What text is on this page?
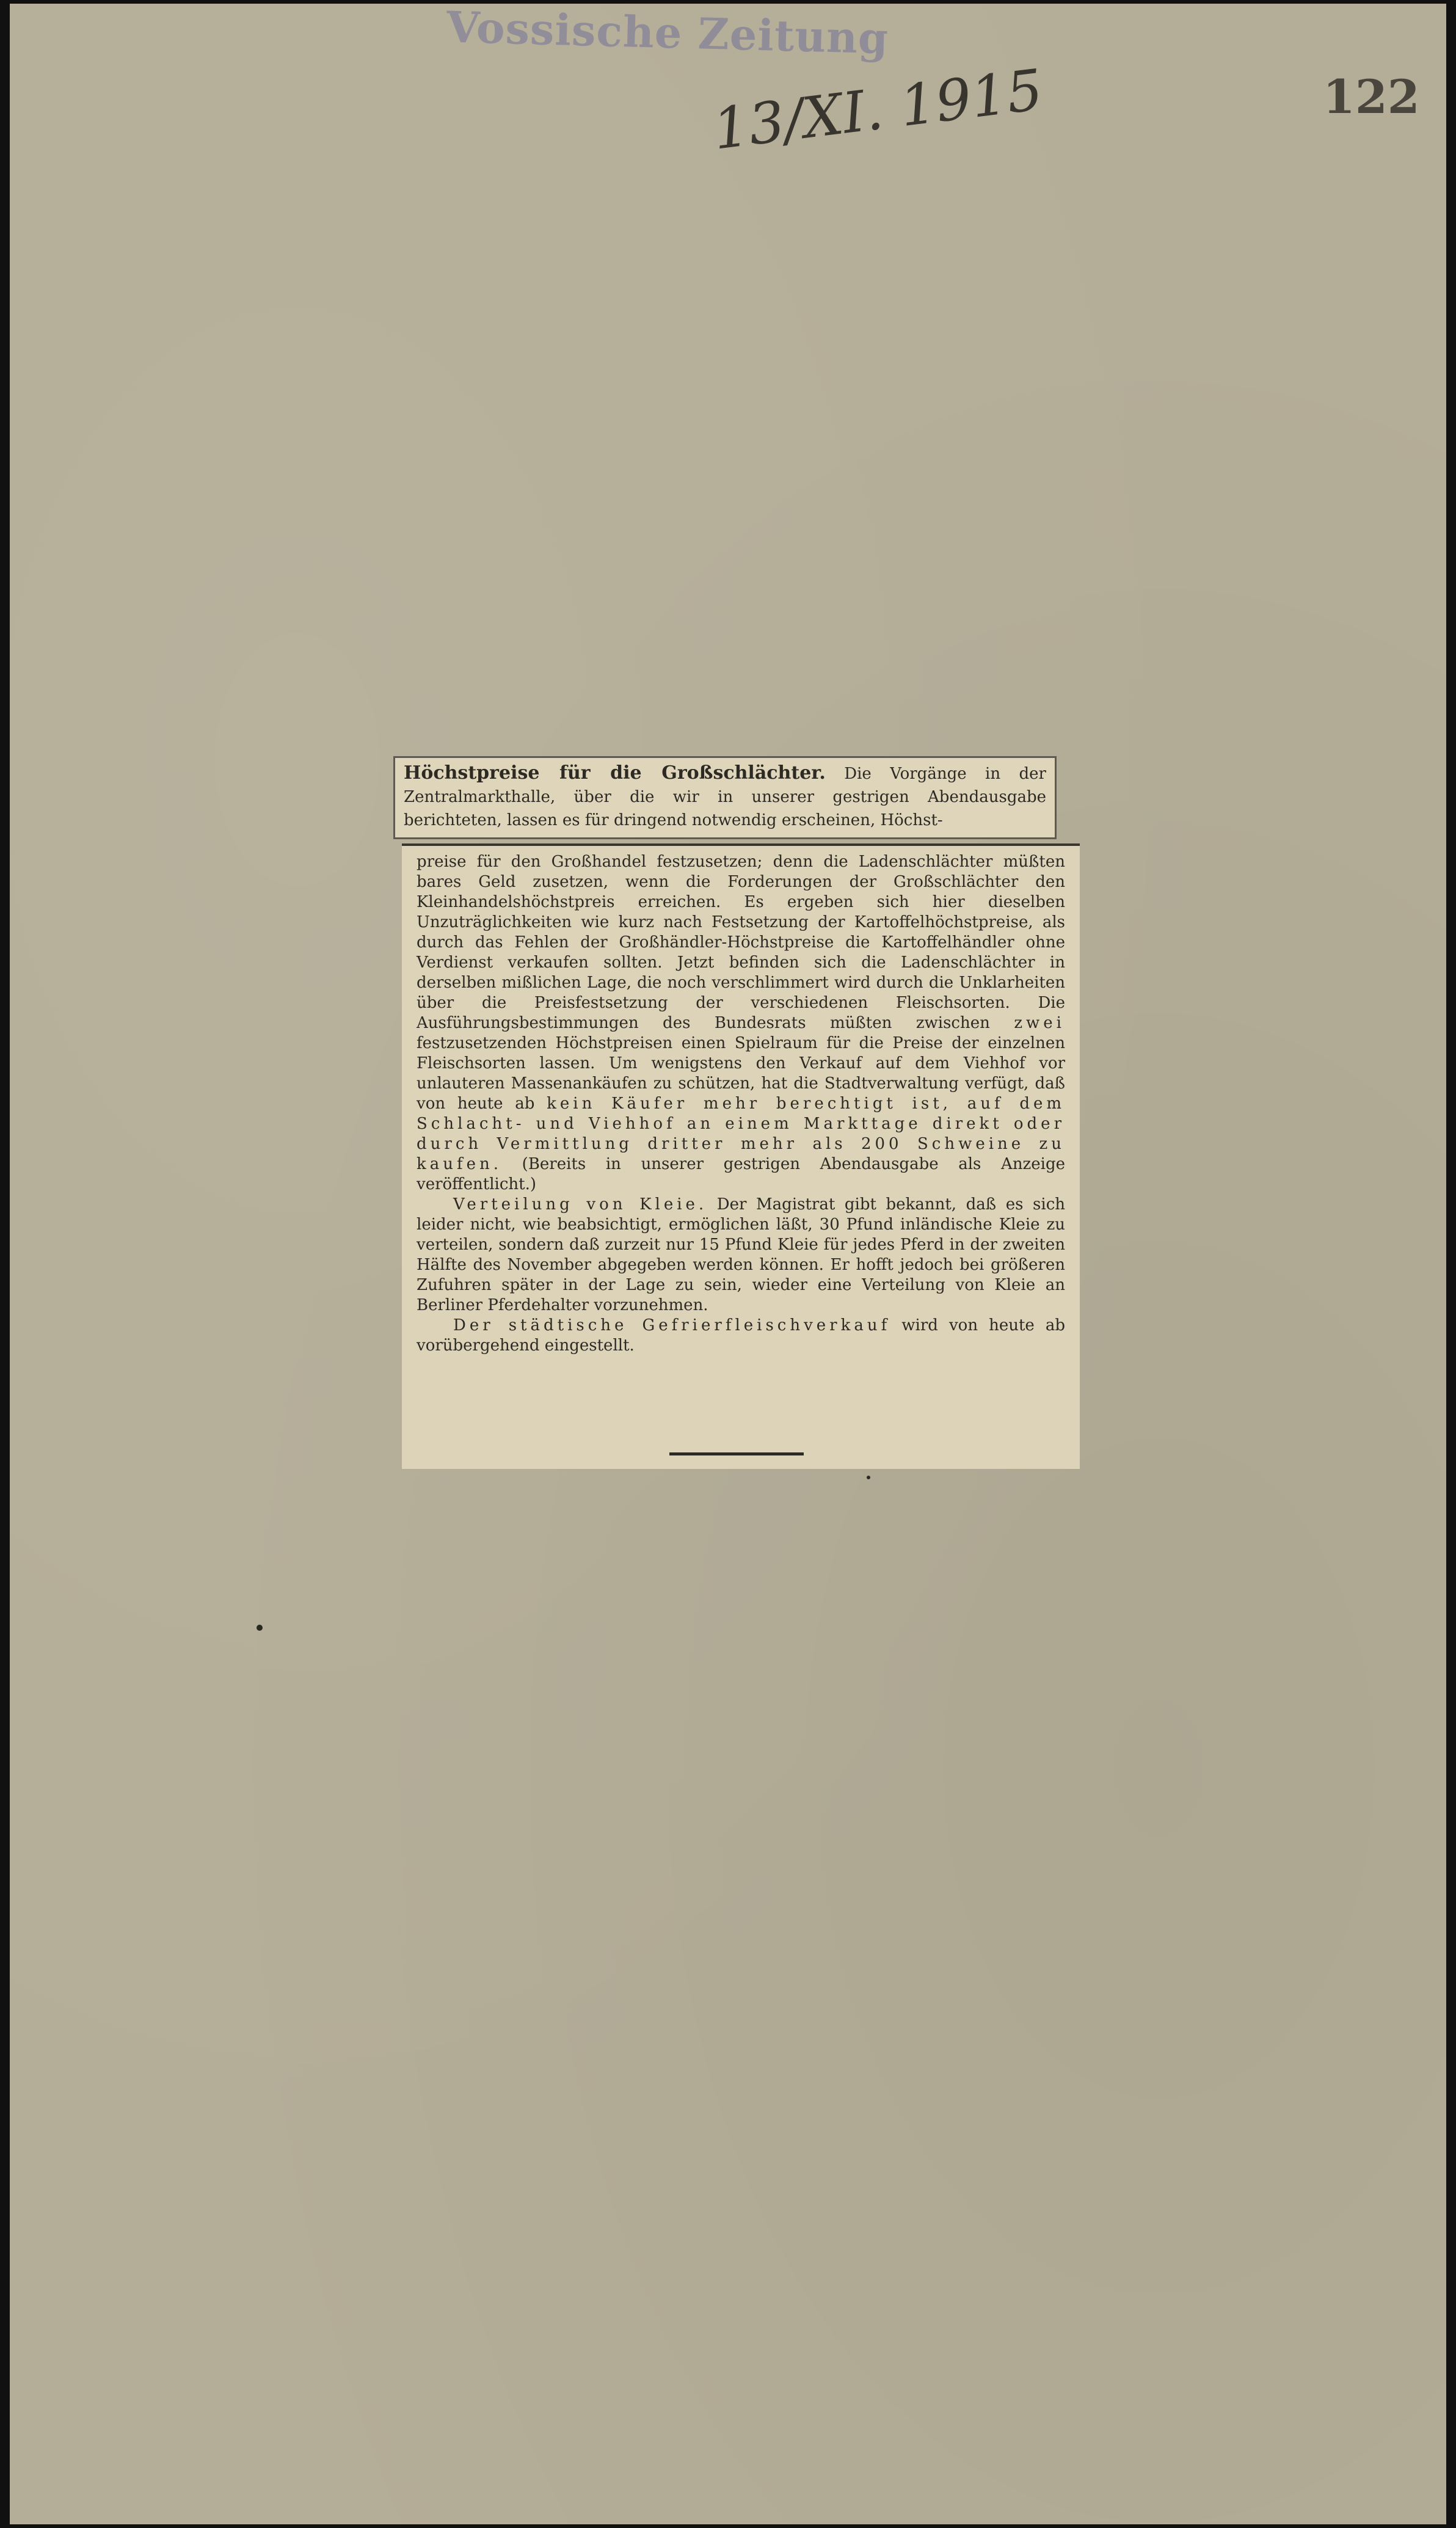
Vossische Zeitung
13/XI. 1915	122
Höchstpreise für die Großschlächter. Die Vorgänge in der Zentralmarkthalle, über die wir in unserer gestrigen Abendausgabe berichteten, lassen es für dringend notwendig erscheinen, Höchst-

preise für den Großhandel festzusetzen; denn die Ladenschlächter müßten bares Geld zusetzen, wenn die Forderungen der Großschlächter den Kleinhandelshöchstpreis erreichen. Es ergeben sich hier dieselben Unzuträglichkeiten wie kurz nach Festsetzung der Kartoffelhöchstpreise, als durch das Fehlen der Großhändler-Höchstpreise die Kartoffelhändler ohne Verdienst verkaufen sollten. Jetzt befinden sich die Ladenschlächter in derselben mißlichen Lage, die noch verschlimmert wird durch die Unklarheiten über die Preisfestsetzung der verschiedenen Fleischsorten. Die Ausführungsbestimmungen des Bundesrats müßten zwischen zwei festzusetzenden Höchstpreisen einen Spielraum für die Preise der einzelnen Fleischsorten lassen. Um wenigstens den Verkauf auf dem Viehhof vor unlauteren Massenankäufen zu schützen, hat die Stadtverwaltung verfügt, daß von heute ab kein Käufer mehr berechtigt ist, auf dem Schlacht- und Viehhof an einem Markttage direkt oder durch Vermittlung dritter mehr als 200 Schweine zu kaufen. (Bereits in unserer gestrigen Abendausgabe als Anzeige veröffentlicht.)

Verteilung von Kleie. Der Magistrat gibt bekannt, daß es sich leider nicht, wie beabsichtigt, ermöglichen läßt, 30 Pfund inländische Kleie zu verteilen, sondern daß zurzeit nur 15 Pfund Kleie für jedes Pferd in der zweiten Hälfte des November abgegeben werden können. Er hofft jedoch bei größeren Zufuhren später in der Lage zu sein, wieder eine Verteilung von Kleie an Berliner Pferdehalter vorzunehmen.

Der städtische Gefrierfleischverkauf wird von heute ab vorübergehend eingestellt.
